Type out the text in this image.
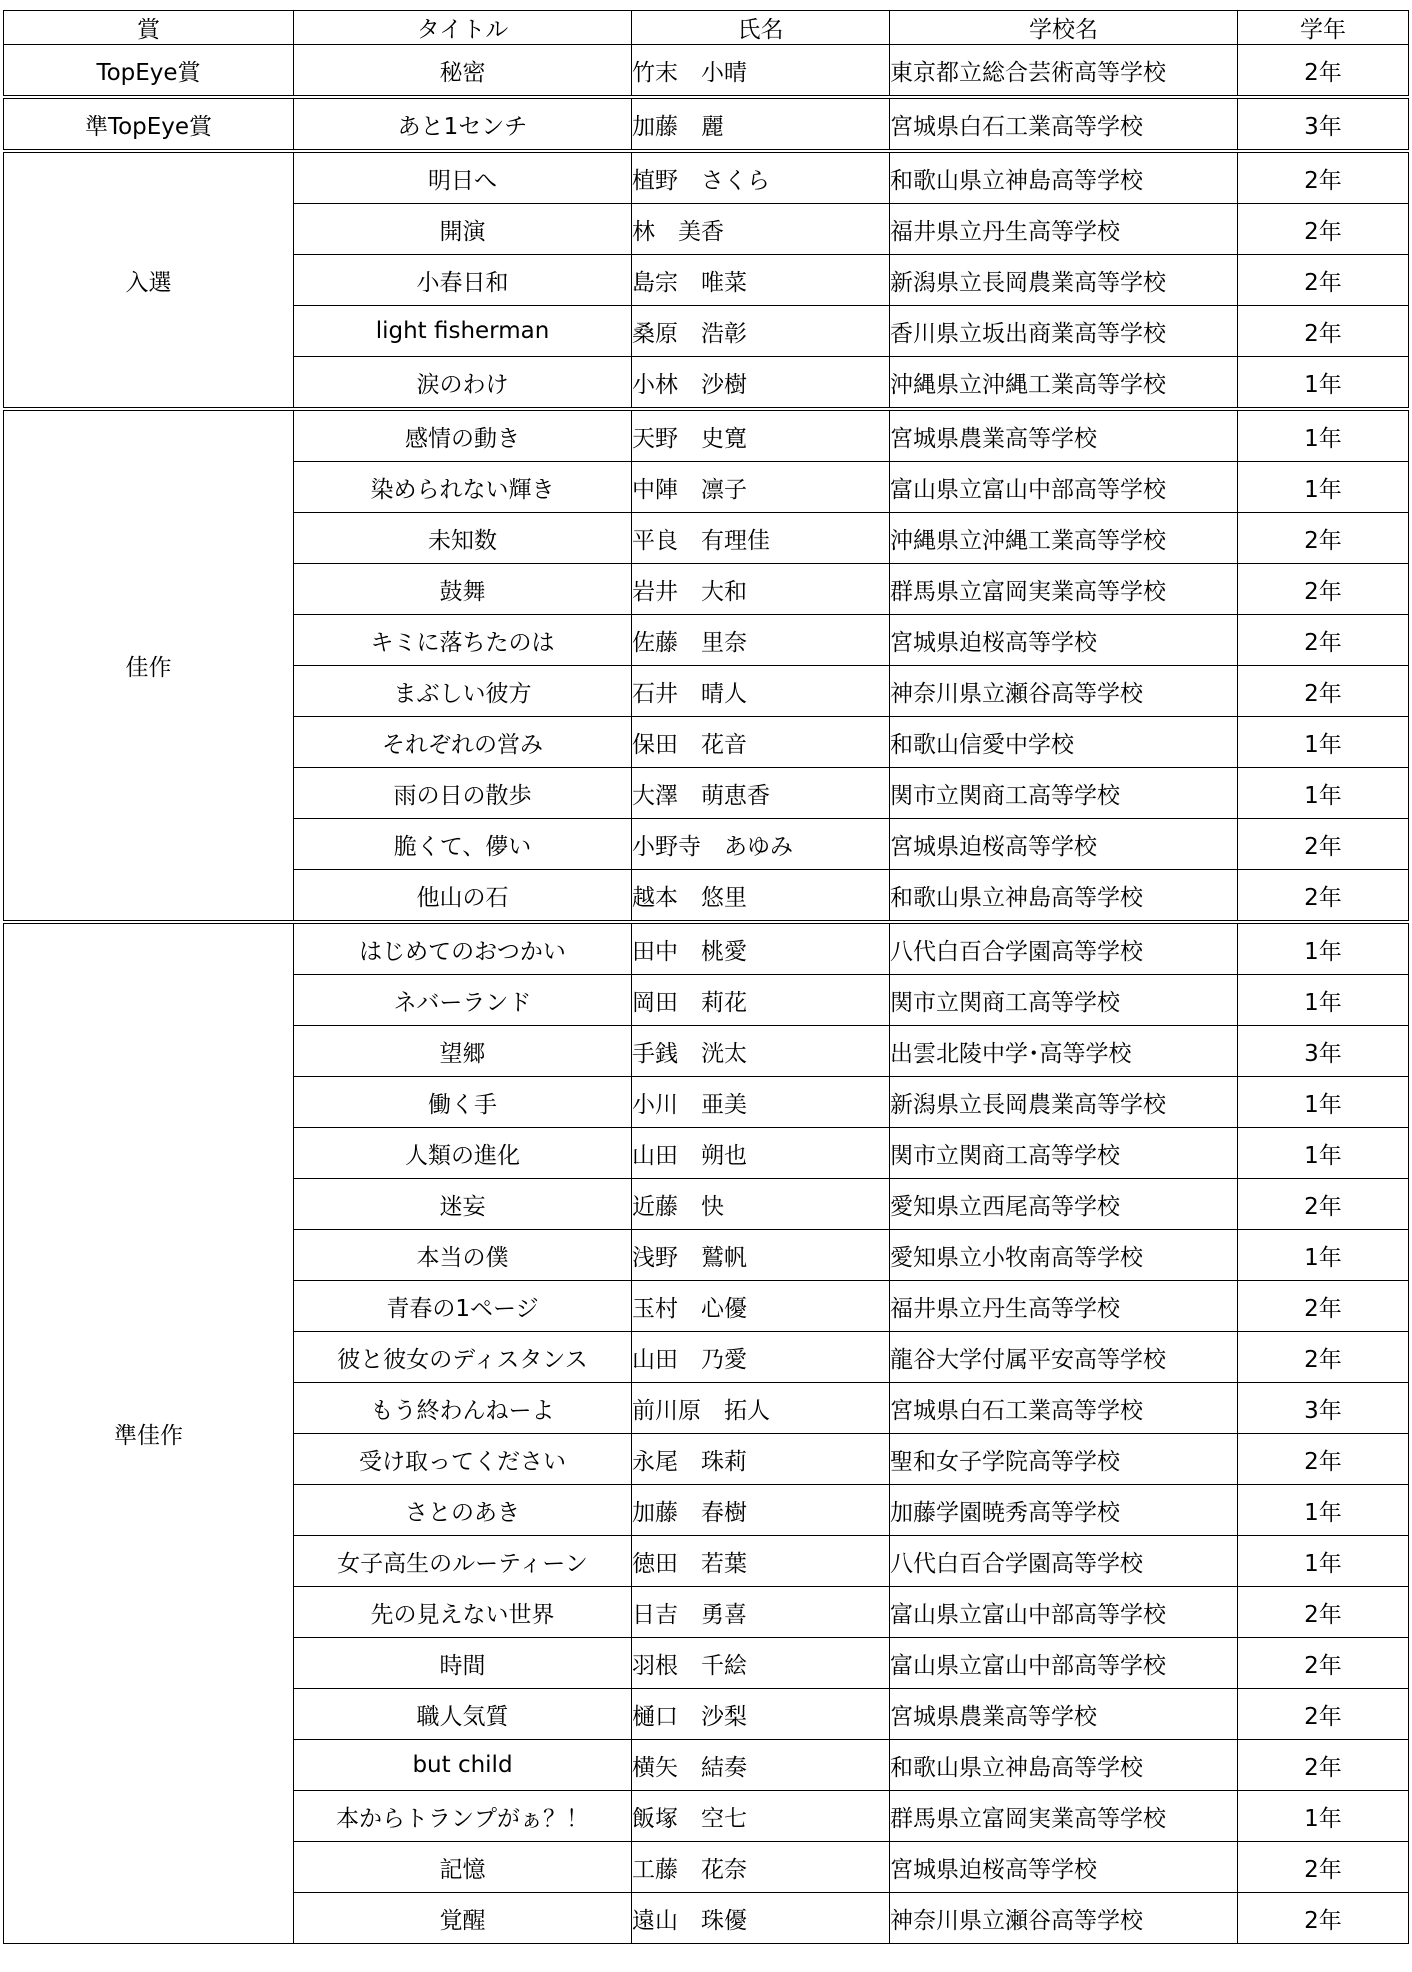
賞	タイトル	氏名	学校名	学年
TopEye賞	秘密	竹末　小晴	東京都立総合芸術高等学校	2年
準TopEye賞	あと1センチ	加藤　麗	宮城県白石工業高等学校	3年
入選	明日へ	植野　さくら	和歌山県立神島高等学校	2年
	開演	林　美香	福井県立丹生高等学校	2年
	小春日和	島宗　唯菜	新潟県立長岡農業高等学校	2年
	light fisherman	桑原　浩彰	香川県立坂出商業高等学校	2年
	涙のわけ	小林　沙樹	沖縄県立沖縄工業高等学校	1年
佳作	感情の動き	天野　史寛	宮城県農業高等学校	1年
	染められない輝き	中陣　凛子	富山県立富山中部高等学校	1年
	未知数	平良　有理佳	沖縄県立沖縄工業高等学校	2年
	鼓舞	岩井　大和	群馬県立富岡実業高等学校	2年
	キミに落ちたのは	佐藤　里奈	宮城県迫桜高等学校	2年
	まぶしい彼方	石井　晴人	神奈川県立瀬谷高等学校	2年
	それぞれの営み	保田　花音	和歌山信愛中学校	1年
	雨の日の散歩	大澤　萌恵香	関市立関商工高等学校	1年
	脆くて、儚い	小野寺　あゆみ	宮城県迫桜高等学校	2年
	他山の石	越本　悠里	和歌山県立神島高等学校	2年
準佳作	はじめてのおつかい	田中　桃愛	八代白百合学園高等学校	1年
	ネバーランド	岡田　莉花	関市立関商工高等学校	1年
	望郷	手銭　洸太	出雲北陵中学･高等学校	3年
	働く手	小川　亜美	新潟県立長岡農業高等学校	1年
	人類の進化	山田　朔也	関市立関商工高等学校	1年
	迷妄	近藤　快	愛知県立西尾高等学校	2年
	本当の僕	浅野　鷲帆	愛知県立小牧南高等学校	1年
	青春の1ページ	玉村　心優	福井県立丹生高等学校	2年
	彼と彼女のディスタンス	山田　乃愛	龍谷大学付属平安高等学校	2年
	もう終わんねーよ	前川原　拓人	宮城県白石工業高等学校	3年
	受け取ってください	永尾　珠莉	聖和女子学院高等学校	2年
	さとのあき	加藤　春樹	加藤学園暁秀高等学校	1年
	女子高生のルーティーン	徳田　若葉	八代白百合学園高等学校	1年
	先の見えない世界	日吉　勇喜	富山県立富山中部高等学校	2年
	時間	羽根　千絵	富山県立富山中部高等学校	2年
	職人気質	樋口　沙梨	宮城県農業高等学校	2年
	but child	横矢　結奏	和歌山県立神島高等学校	2年
	本からトランプがぁ？！	飯塚　空七	群馬県立富岡実業高等学校	1年
	記憶	工藤　花奈	宮城県迫桜高等学校	2年
	覚醒	遠山　珠優	神奈川県立瀬谷高等学校	2年
